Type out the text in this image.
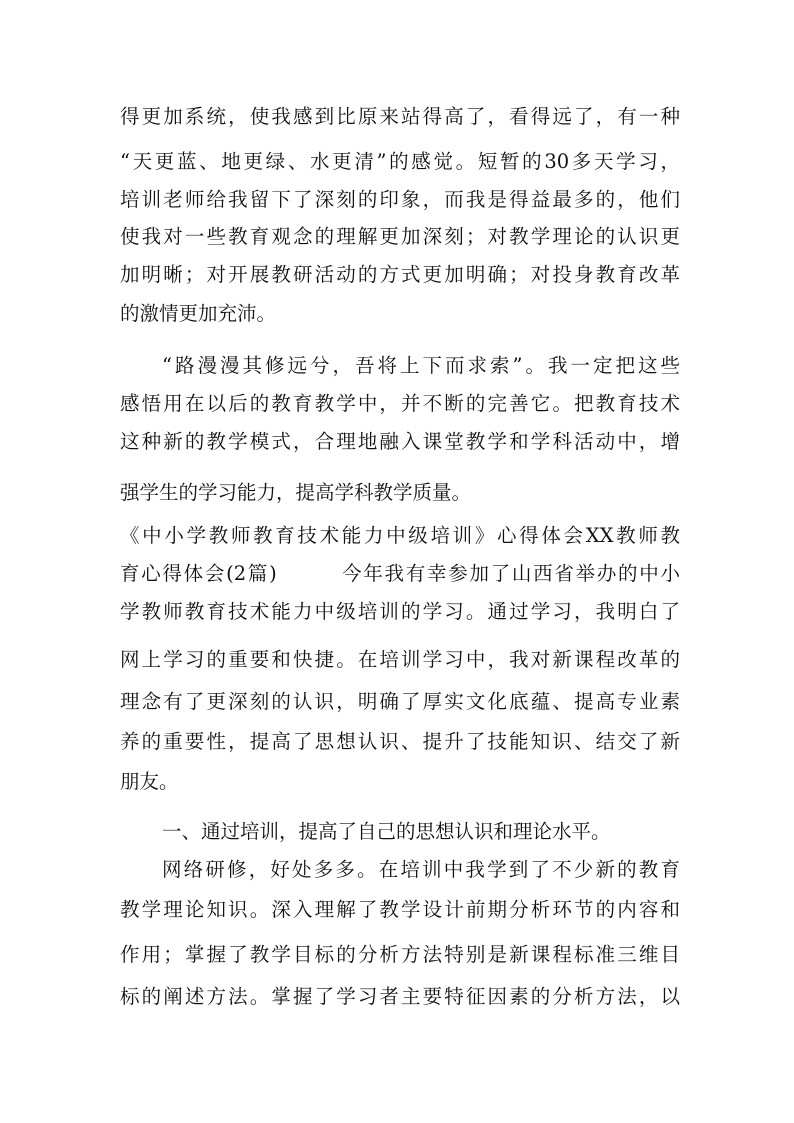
得更加系统，使我感到比原来站得高了，看得远了，有一种
“天更蓝、地更绿、水更清”的感觉。短暂的30多天学习，
培训老师给我留下了深刻的印象，而我是得益最多的，他们
使我对一些教育观念的理解更加深刻；对教学理论的认识更
加明晰；对开展教研活动的方式更加明确；对投身教育改革
的激情更加充沛。
“路漫漫其修远兮，吾将上下而求索”。我一定把这些
感悟用在以后的教育教学中，并不断的完善它。把教育技术
这种新的教学模式，合理地融入课堂教学和学科活动中，增
强学生的学习能力，提高学科教学质量。
《中小学教师教育技术能力中级培训》心得体会XX教师教
育心得体会(2篇)　　　今年我有幸参加了山西省举办的中小
学教师教育技术能力中级培训的学习。通过学习，我明白了
网上学习的重要和快捷。在培训学习中，我对新课程改革的
理念有了更深刻的认识，明确了厚实文化底蕴、提高专业素
养的重要性，提高了思想认识、提升了技能知识、结交了新
朋友。
一、通过培训，提高了自己的思想认识和理论水平。
网络研修，好处多多。在培训中我学到了不少新的教育
教学理论知识。深入理解了教学设计前期分析环节的内容和
作用；掌握了教学目标的分析方法特别是新课程标准三维目
标的阐述方法。掌握了学习者主要特征因素的分析方法，以
